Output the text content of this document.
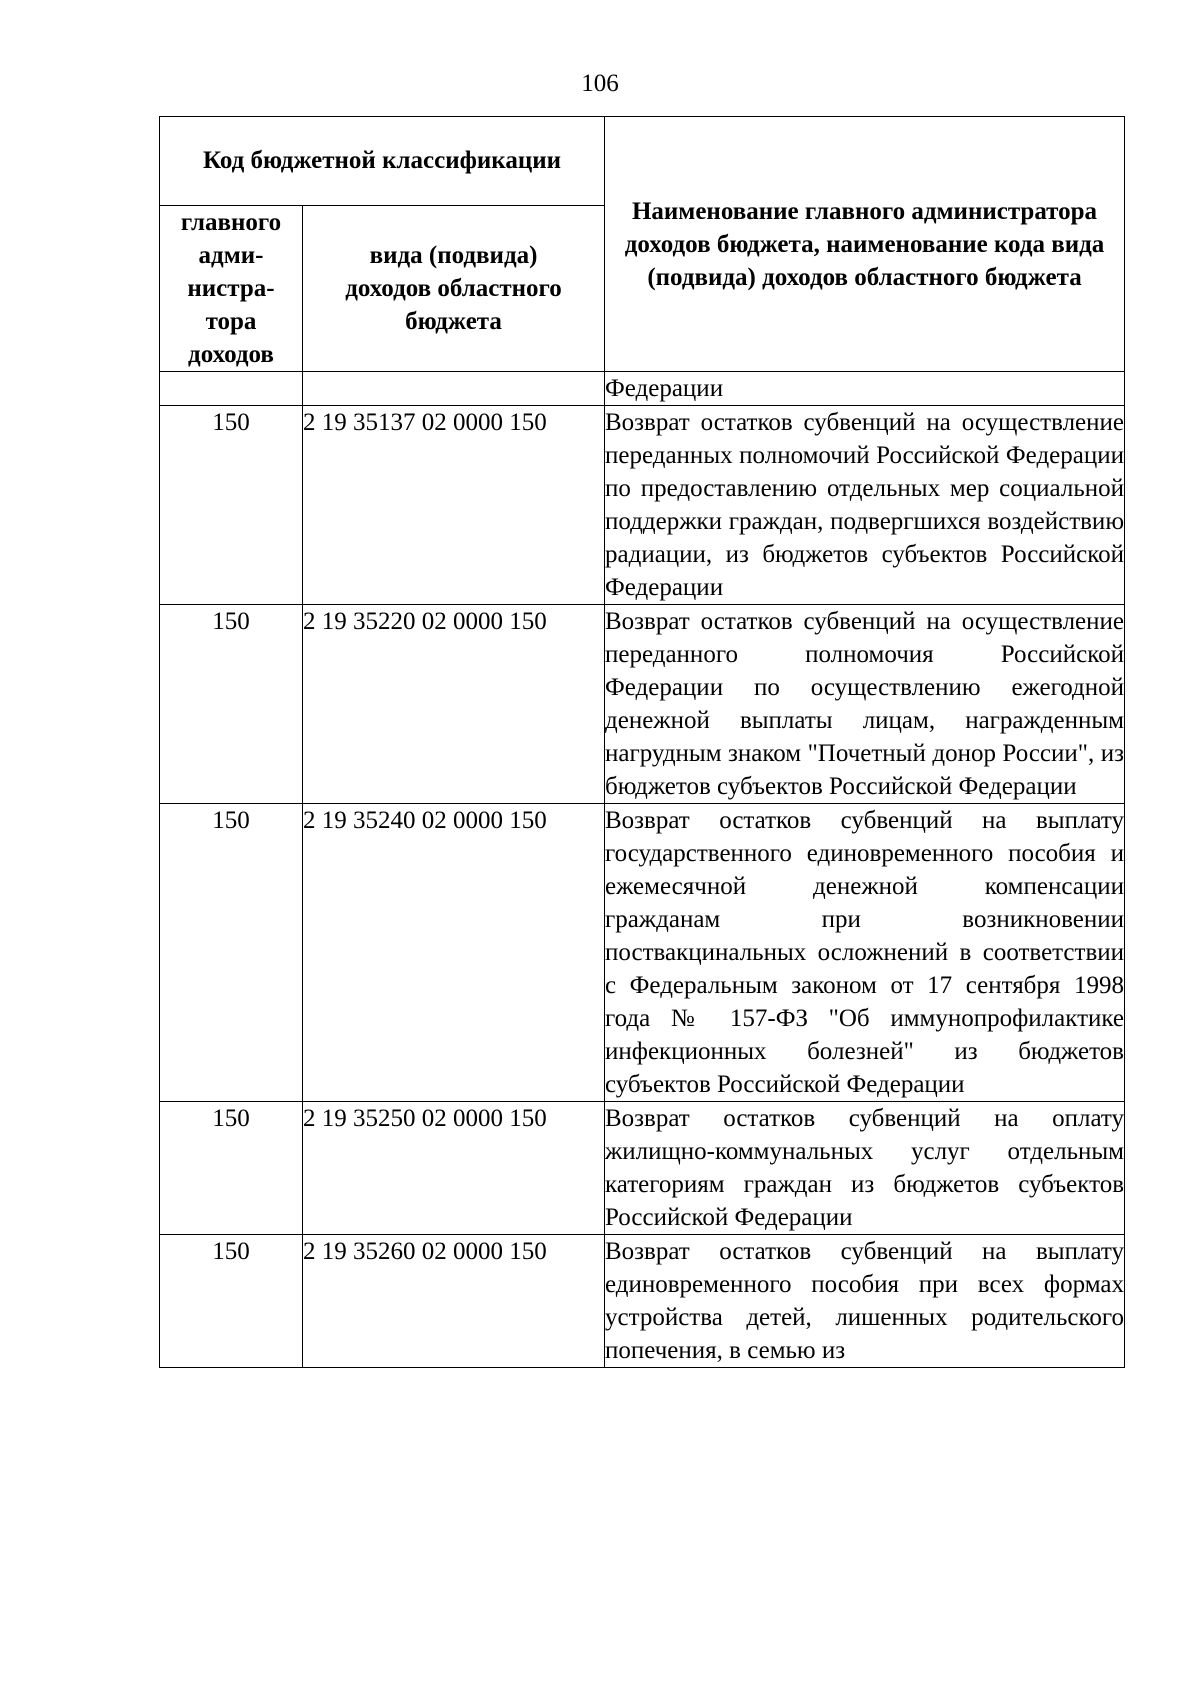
106
Код бюджетной классификации		Наименование главного администратора доходов бюджета, наименование кода вида (подвида) доходов областного бюджета
главного
адми-
нистра-
тора
доходов	вида (подвида)
доходов областного
бюджета	
		Федерации
150	2 19 35137 02 0000 150	Возврат остатков субвенций на осуществление переданных полномочий Российской Федерации по предоставлению отдельных мер социальной поддержки граждан, подвергшихся воздействию радиации, из бюджетов субъектов Российской Федерации
150	2 19 35220 02 0000 150	Возврат остатков субвенций на осуществление переданного полномочия Российской Федерации по осуществлению ежегодной денежной выплаты лицам, награжденным нагрудным знаком "Почетный донор России", из бюджетов субъектов Российской Федерации
150	2 19 35240 02 0000 150	Возврат остатков субвенций на выплату государственного единовременного пособия и ежемесячной денежной компенсации гражданам при возникновении поствакцинальных осложнений в соответствии с Федеральным законом от 17 сентября 1998 года № 157-ФЗ "Об иммунопрофилактике инфекционных болезней" из бюджетов субъектов Российской Федерации
150	2 19 35250 02 0000 150	Возврат остатков субвенций на оплату жилищно-коммунальных услуг отдельным категориям граждан из бюджетов субъектов Российской Федерации
150	2 19 35260 02 0000 150	Возврат остатков субвенций на выплату единовременного пособия при всех формах устройства детей, лишенных родительского попечения, в семью из
